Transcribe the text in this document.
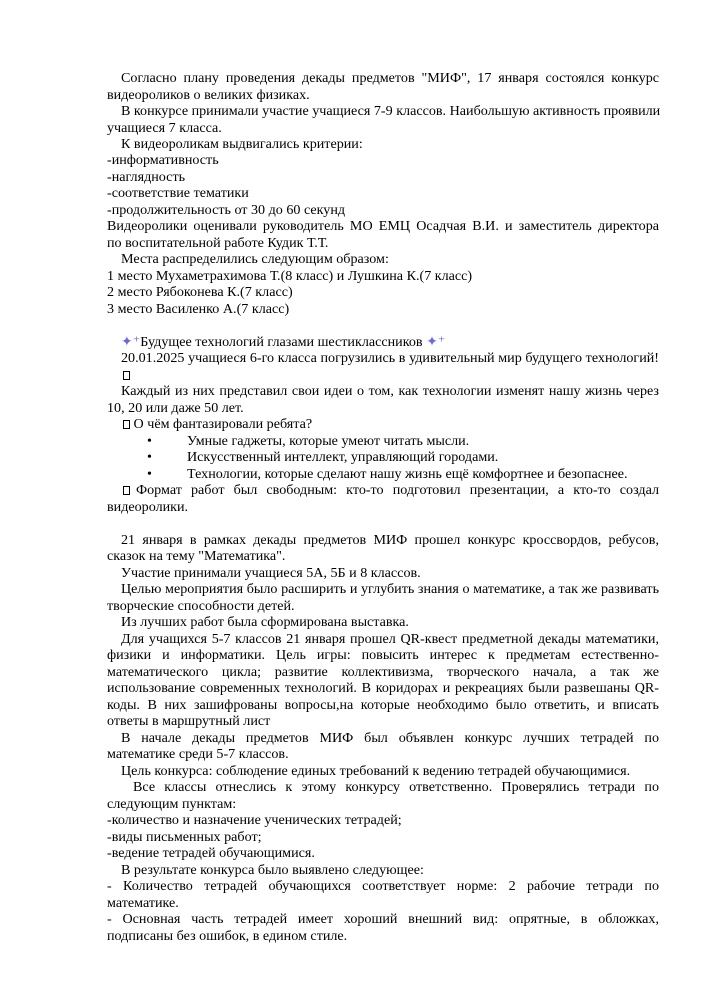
Согласно плану проведения декады предметов "МИФ", 17 января состоялся конкурс
видеороликов о великих физиках.
В конкурсе принимали участие учащиеся 7-9 классов. Наибольшую активность проявили
учащиеся 7 класса.
К видеороликам выдвигались критерии:
-информативность
-наглядность
-соответствие тематики
-продолжительность от 30 до 60 секунд
Видеоролики оценивали руководитель МО ЕМЦ Осадчая В.И. и заместитель директора
по воспитательной работе Кудик Т.Т.
Места распределились следующим образом:
1 место Мухаметрахимова Т.(8 класс) и Лушкина К.(7 класс)
2 место Рябоконева К.(7 класс)
3 место Василенко А.(7 класс)
✦⁺Будущее технологий глазами шестиклассников ✦⁺
20.01.2025 учащиеся 6-го класса погрузились в удивительный мир будущего технологий!
Каждый из них представил свои идеи о том, как технологии изменят нашу жизнь через
10, 20 или даже 50 лет.
О чём фантазировали ребята?
• Умные гаджеты, которые умеют читать мысли.
• Искусственный интеллект, управляющий городами.
• Технологии, которые сделают нашу жизнь ещё комфортнее и безопаснее.
Формат работ был свободным: кто-то подготовил презентации, а кто-то создал
видеоролики.
21 января в рамках декады предметов МИФ прошел конкурс кроссвордов, ребусов,
сказок на тему "Математика".
Участие принимали учащиеся 5А, 5Б и 8 классов.
Целью мероприятия было расширить и углубить знания о математике, а так же развивать
творческие способности детей.
Из лучших работ была сформирована выставка.
Для учащихся 5-7 классов 21 января прошел QR-квест предметной декады математики,
физики и информатики. Цель игры: повысить интерес к предметам естественно-
математического цикла; развитие коллективизма, творческого начала, а так же
использование современных технологий. В коридорах и рекреациях были развешаны QR-
коды. В них зашифрованы вопросы,на которые необходимо было ответить, и вписать
ответы в маршрутный лист
В начале декады предметов МИФ был объявлен конкурс лучших тетрадей по
математике среди 5-7 классов.
Цель конкурса: соблюдение единых требований к ведению тетрадей обучающимися.
Все классы отнеслись к этому конкурсу ответственно. Проверялись тетради по
следующим пунктам:
-количество и назначение ученических тетрадей;
-виды письменных работ;
-ведение тетрадей обучающимися.
В результате конкурса было выявлено следующее:
- Количество тетрадей обучающихся соответствует норме: 2 рабочие тетради по
математике.
- Основная часть тетрадей имеет хороший внешний вид: опрятные, в обложках,
подписаны без ошибок, в едином стиле.
